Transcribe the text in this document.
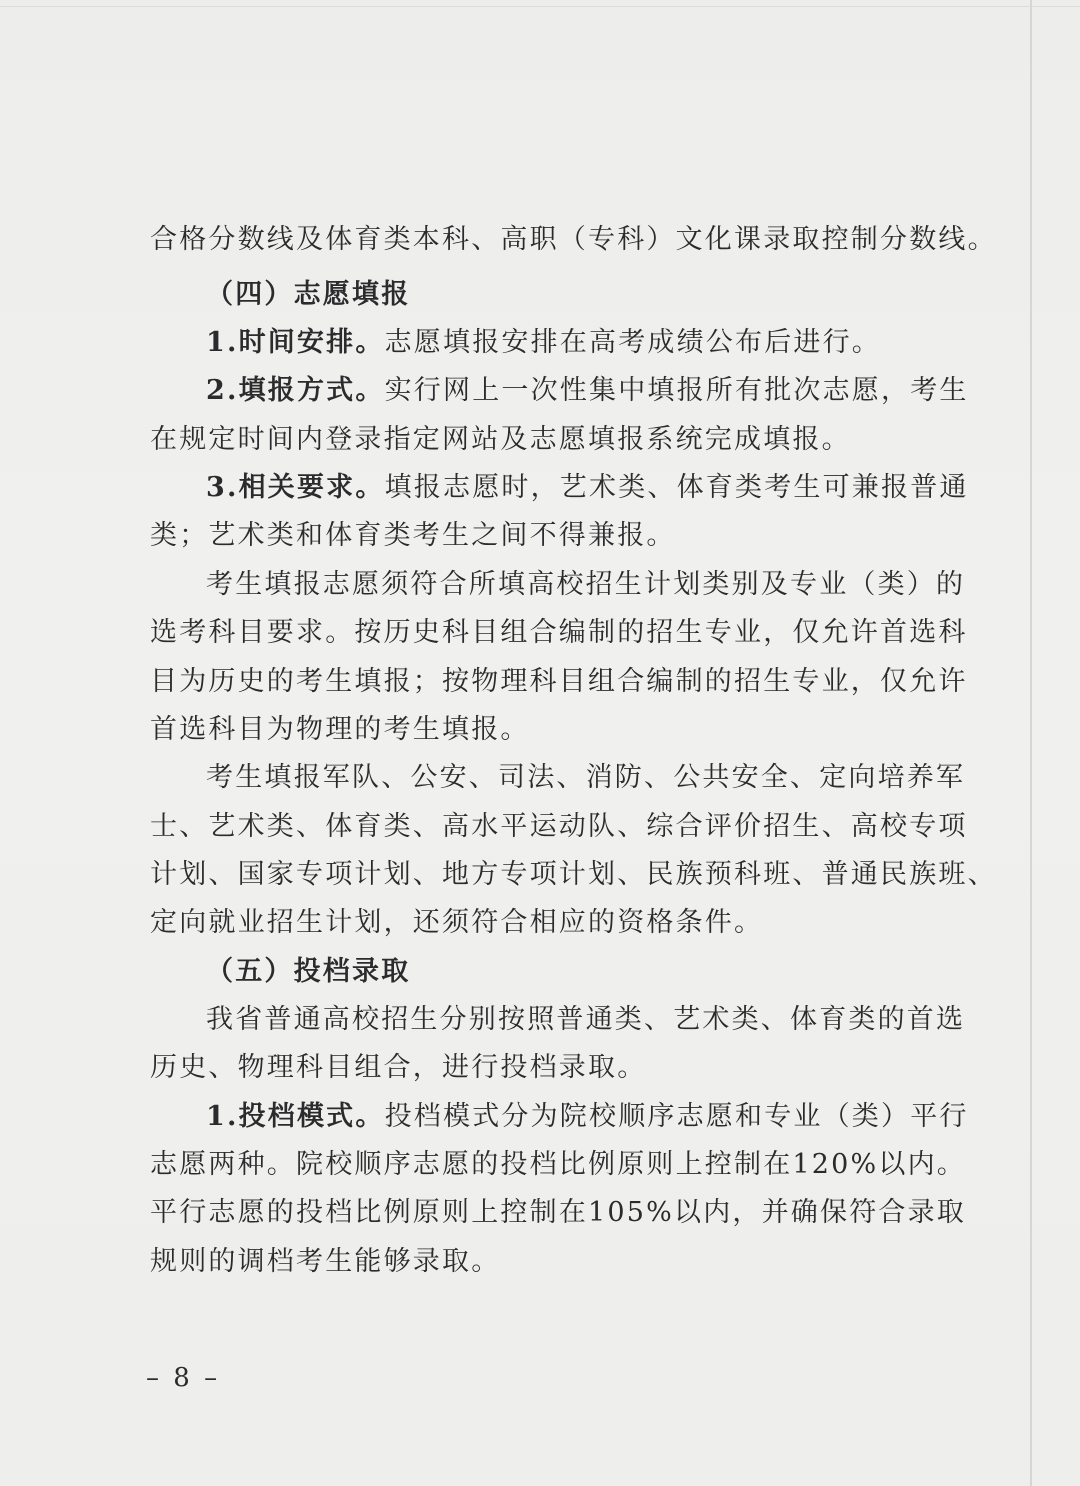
合格分数线及体育类本科、高职（专科）文化课录取控制分数线。
（四）志愿填报
1.时间安排。志愿填报安排在高考成绩公布后进行。
2.填报方式。实行网上一次性集中填报所有批次志愿，考生
在规定时间内登录指定网站及志愿填报系统完成填报。
3.相关要求。填报志愿时，艺术类、体育类考生可兼报普通
类；艺术类和体育类考生之间不得兼报。
考生填报志愿须符合所填高校招生计划类别及专业（类）的
选考科目要求。按历史科目组合编制的招生专业，仅允许首选科
目为历史的考生填报；按物理科目组合编制的招生专业，仅允许
首选科目为物理的考生填报。
考生填报军队、公安、司法、消防、公共安全、定向培养军
士、艺术类、体育类、高水平运动队、综合评价招生、高校专项
计划、国家专项计划、地方专项计划、民族预科班、普通民族班、
定向就业招生计划，还须符合相应的资格条件。
（五）投档录取
我省普通高校招生分别按照普通类、艺术类、体育类的首选
历史、物理科目组合，进行投档录取。
1.投档模式。投档模式分为院校顺序志愿和专业（类）平行
志愿两种。院校顺序志愿的投档比例原则上控制在120%以内。
平行志愿的投档比例原则上控制在105%以内，并确保符合录取
规则的调档考生能够录取。
– 8 –
